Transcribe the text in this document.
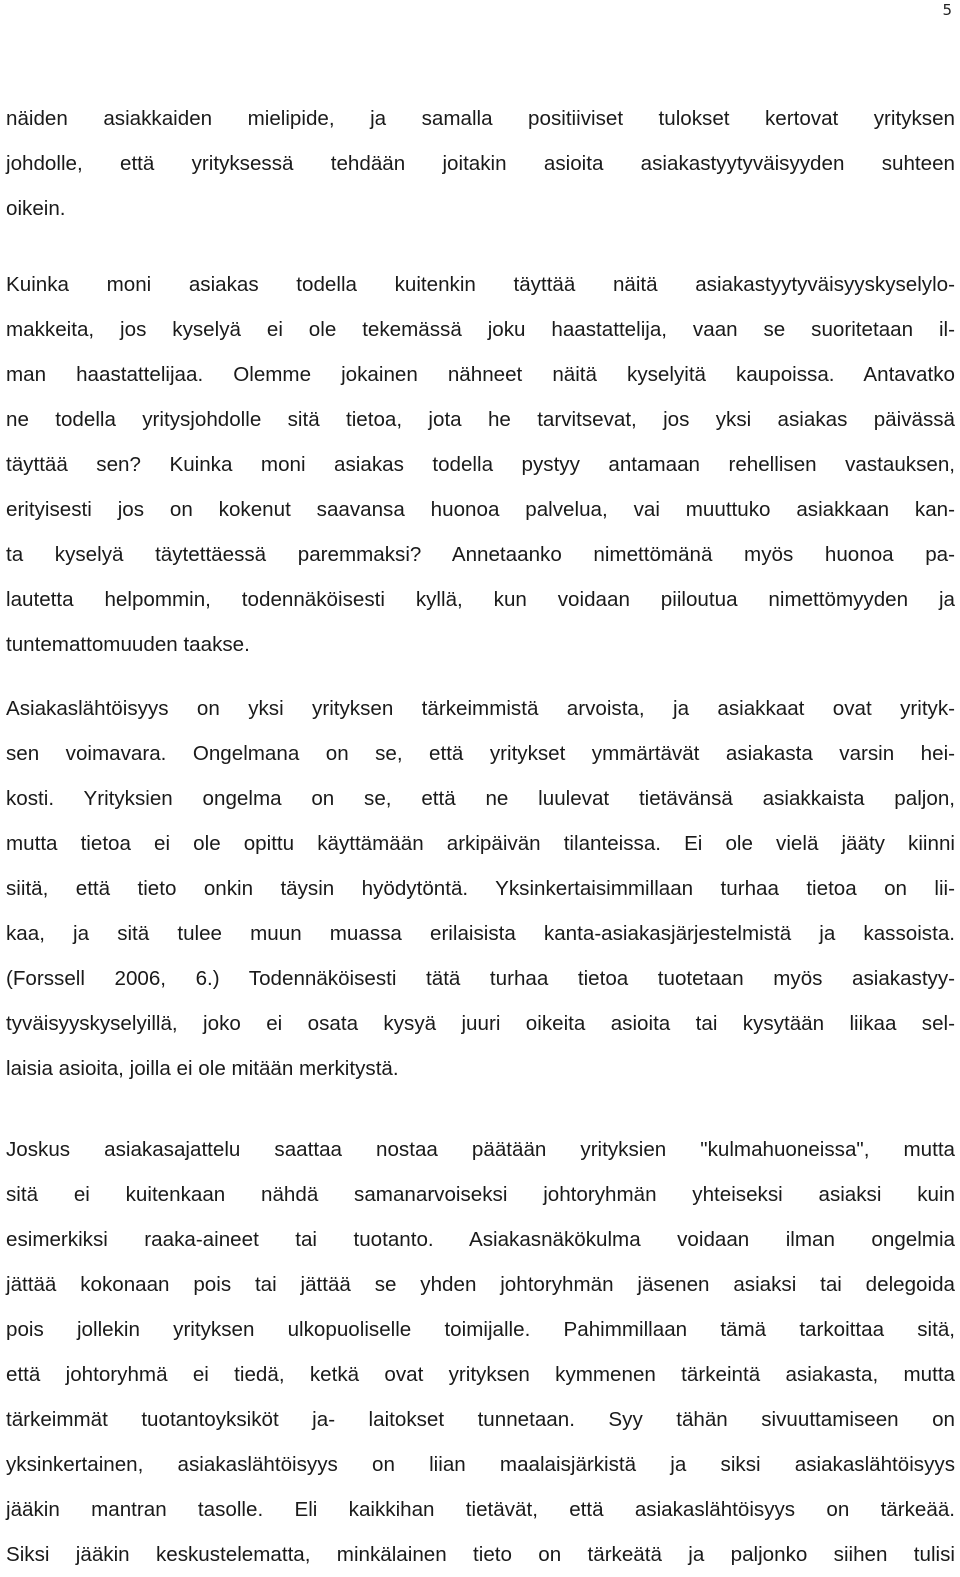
5
näiden asiakkaiden mielipide, ja samalla positiiviset tulokset kertovat yrityksen
johdolle, että yrityksessä tehdään joitakin asioita asiakastyytyväisyyden suhteen
oikein.
Kuinka moni asiakas todella kuitenkin täyttää näitä asiakastyytyväisyyskyselylo-
makkeita, jos kyselyä ei ole tekemässä joku haastattelija, vaan se suoritetaan il-
man haastattelijaa. Olemme jokainen nähneet näitä kyselyitä kaupoissa. Antavatko
ne todella yritysjohdolle sitä tietoa, jota he tarvitsevat, jos yksi asiakas päivässä
täyttää sen? Kuinka moni asiakas todella pystyy antamaan rehellisen vastauksen,
erityisesti jos on kokenut saavansa huonoa palvelua, vai muuttuko asiakkaan kan-
ta kyselyä täytettäessä paremmaksi? Annetaanko nimettömänä myös huonoa pa-
lautetta helpommin, todennäköisesti kyllä, kun voidaan piiloutua nimettömyyden ja
tuntemattomuuden taakse.
Asiakaslähtöisyys on yksi yrityksen tärkeimmistä arvoista, ja asiakkaat ovat yrityk-
sen voimavara. Ongelmana on se, että yritykset ymmärtävät asiakasta varsin hei-
kosti. Yrityksien ongelma on se, että ne luulevat tietävänsä asiakkaista paljon,
mutta tietoa ei ole opittu käyttämään arkipäivän tilanteissa. Ei ole vielä jääty kiinni
siitä, että tieto onkin täysin hyödytöntä. Yksinkertaisimmillaan turhaa tietoa on lii-
kaa, ja sitä tulee muun muassa erilaisista kanta-asiakasjärjestelmistä ja kassoista.
(Forssell 2006, 6.) Todennäköisesti tätä turhaa tietoa tuotetaan myös asiakastyy-
tyväisyyskyselyillä, joko ei osata kysyä juuri oikeita asioita tai kysytään liikaa sel-
laisia asioita, joilla ei ole mitään merkitystä.
Joskus asiakasajattelu saattaa nostaa päätään yrityksien "kulmahuoneissa", mutta
sitä ei kuitenkaan nähdä samanarvoiseksi johtoryhmän yhteiseksi asiaksi kuin
esimerkiksi raaka-aineet tai tuotanto. Asiakasnäkökulma voidaan ilman ongelmia
jättää kokonaan pois tai jättää se yhden johtoryhmän jäsenen asiaksi tai delegoida
pois jollekin yrityksen ulkopuoliselle toimijalle. Pahimmillaan tämä tarkoittaa sitä,
että johtoryhmä ei tiedä, ketkä ovat yrityksen kymmenen tärkeintä asiakasta, mutta
tärkeimmät tuotantoyksiköt ja- laitokset tunnetaan. Syy tähän sivuuttamiseen on
yksinkertainen, asiakaslähtöisyys on liian maalaisjärkistä ja siksi asiakaslähtöisyys
jääkin mantran tasolle. Eli kaikkihan tietävät, että asiakaslähtöisyys on tärkeää.
Siksi jääkin keskustelematta, minkälainen tieto on tärkeätä ja paljonko siihen tulisi
